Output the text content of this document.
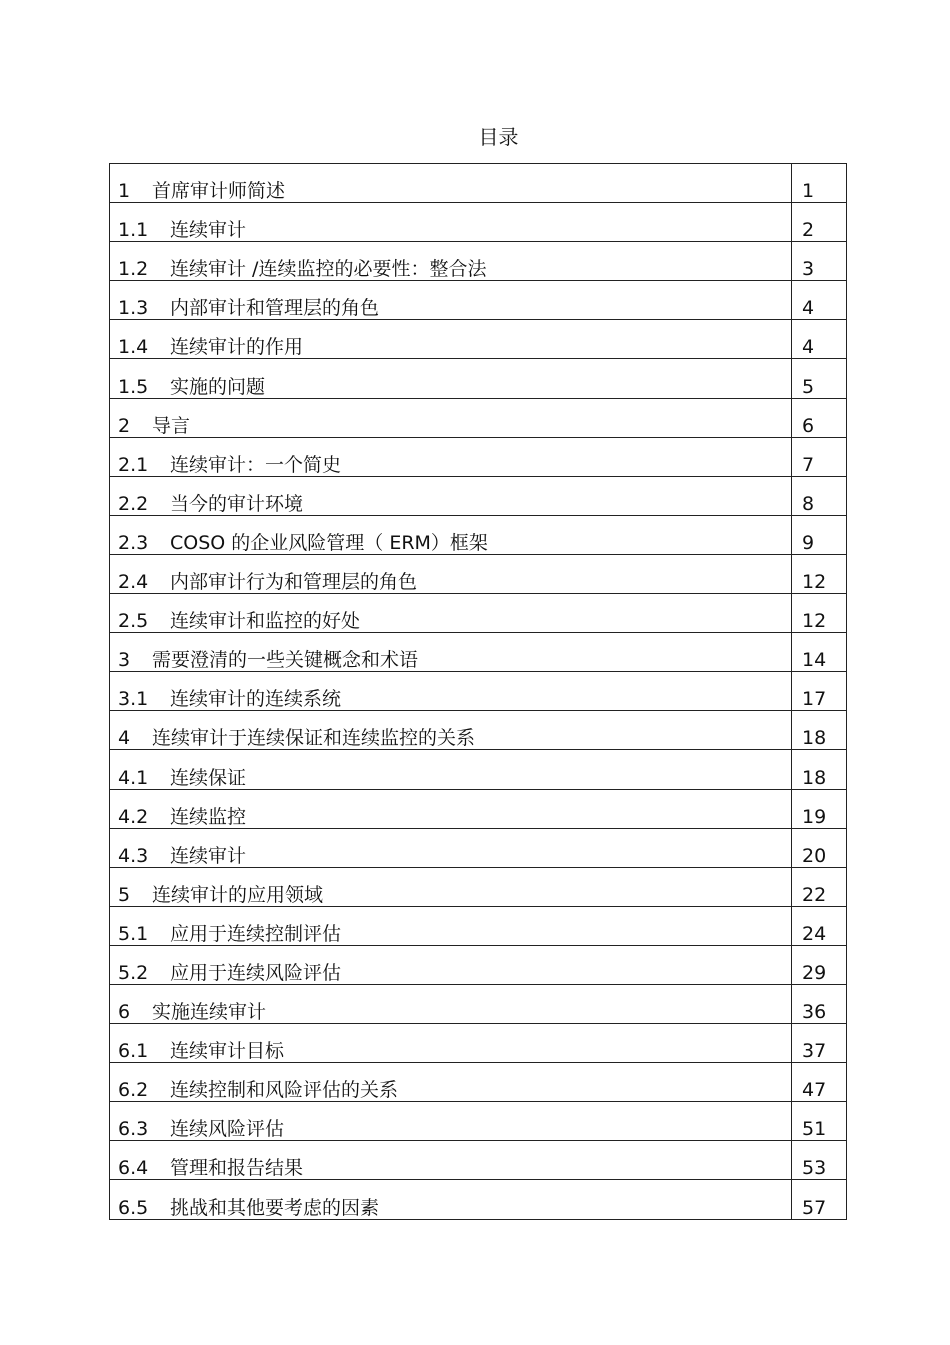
目录
1 首席审计师简述	1
1.1 连续审计	2
1.2 连续审计 /连续监控的必要性：整合法	3
1.3 内部审计和管理层的角色	4
1.4 连续审计的作用	4
1.5 实施的问题	5
2 导言	6
2.1 连续审计：一个简史	7
2.2 当今的审计环境	8
2.3 COSO 的企业风险管理（ ERM）框架	9
2.4 内部审计行为和管理层的角色	12
2.5 连续审计和监控的好处	12
3 需要澄清的一些关键概念和术语	14
3.1 连续审计的连续系统	17
4 连续审计于连续保证和连续监控的关系	18
4.1 连续保证	18
4.2 连续监控	19
4.3 连续审计	20
5 连续审计的应用领域	22
5.1 应用于连续控制评估	24
5.2 应用于连续风险评估	29
6 实施连续审计	36
6.1 连续审计目标	37
6.2 连续控制和风险评估的关系	47
6.3 连续风险评估	51
6.4 管理和报告结果	53
6.5 挑战和其他要考虑的因素	57
